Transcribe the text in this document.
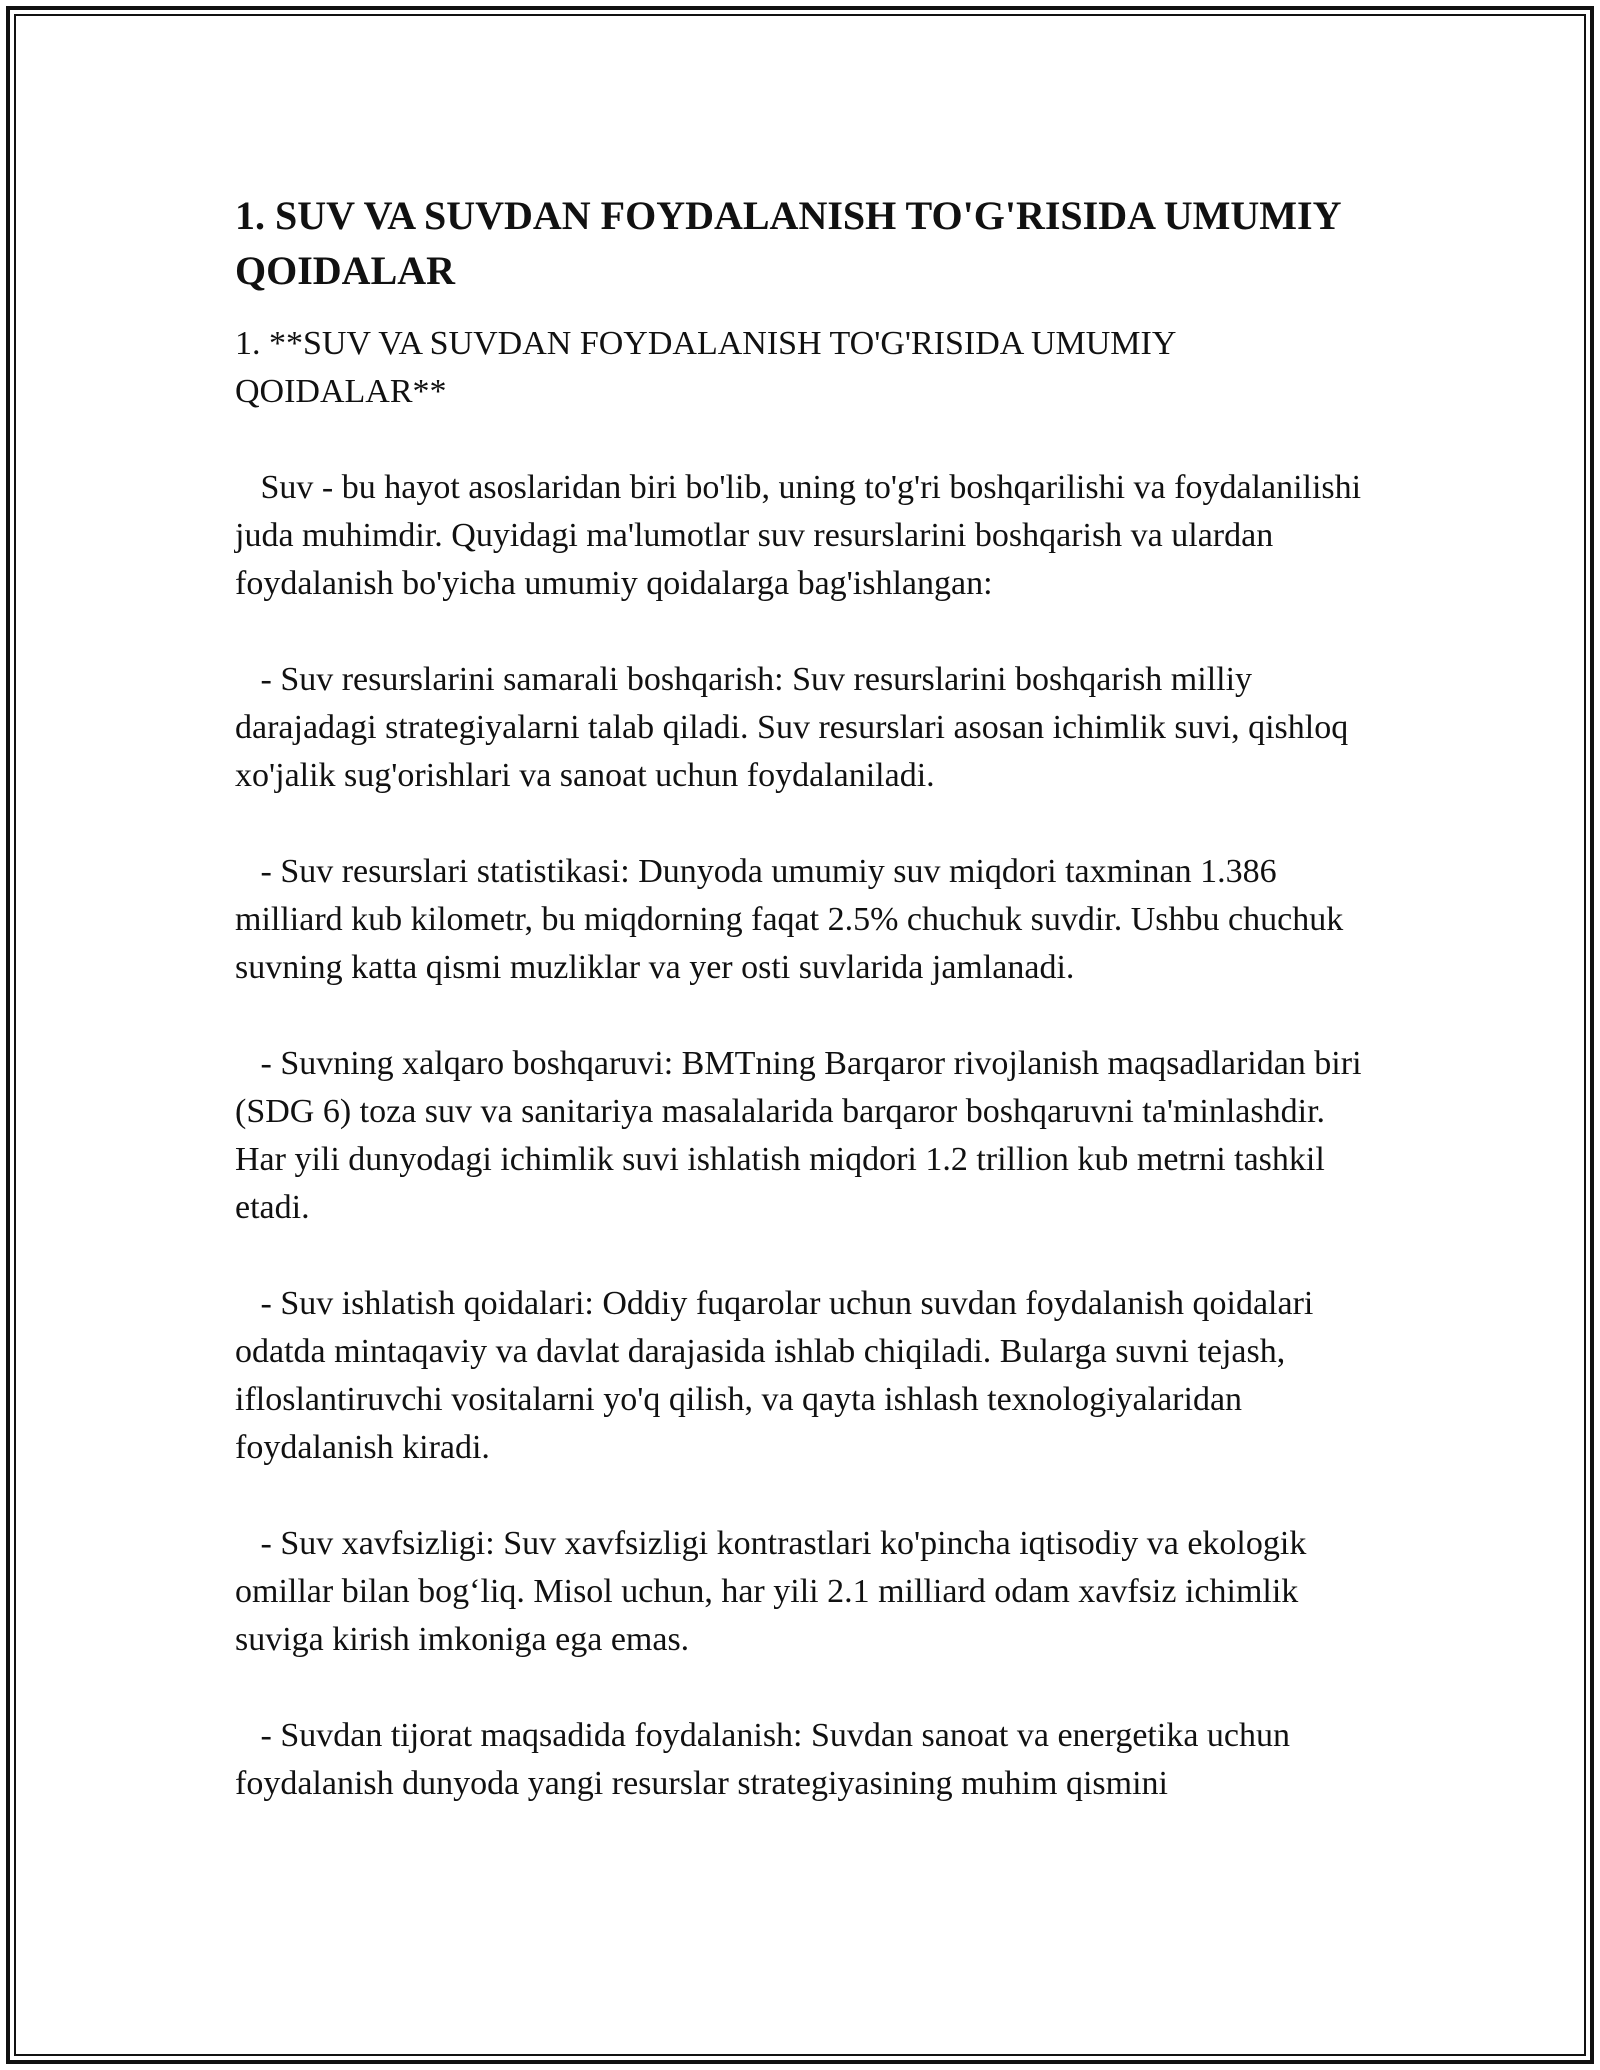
1. SUV VA SUVDAN FOYDALANISH TO'G'RISIDA UMUMIY QOIDALAR

1. **SUV VA SUVDAN FOYDALANISH TO'G'RISIDA UMUMIY QOIDALAR**

Suv - bu hayot asoslaridan biri bo'lib, uning to'g'ri boshqarilishi va foydalanilishi juda muhimdir. Quyidagi ma'lumotlar suv resurslarini boshqarish va ulardan foydalanish bo'yicha umumiy qoidalarga bag'ishlangan:

- Suv resurslarini samarali boshqarish: Suv resurslarini boshqarish milliy darajadagi strategiyalarni talab qiladi. Suv resurslari asosan ichimlik suvi, qishloq xo'jalik sug'orishlari va sanoat uchun foydalaniladi.

- Suv resurslari statistikasi: Dunyoda umumiy suv miqdori taxminan 1.386 milliard kub kilometr, bu miqdorning faqat 2.5% chuchuk suvdir. Ushbu chuchuk suvning katta qismi muzliklar va yer osti suvlarida jamlanadi.

- Suvning xalqaro boshqaruvi: BMTning Barqaror rivojlanish maqsadlaridan biri (SDG 6) toza suv va sanitariya masalalarida barqaror boshqaruvni ta'minlashdir. Har yili dunyodagi ichimlik suvi ishlatish miqdori 1.2 trillion kub metrni tashkil etadi.

- Suv ishlatish qoidalari: Oddiy fuqarolar uchun suvdan foydalanish qoidalari odatda mintaqaviy va davlat darajasida ishlab chiqiladi. Bularga suvni tejash, ifloslantiruvchi vositalarni yo'q qilish, va qayta ishlash texnologiyalaridan foydalanish kiradi.

- Suv xavfsizligi: Suv xavfsizligi kontrastlari ko'pincha iqtisodiy va ekologik omillar bilan bog‘liq. Misol uchun, har yili 2.1 milliard odam xavfsiz ichimlik suviga kirish imkoniga ega emas.

- Suvdan tijorat maqsadida foydalanish: Suvdan sanoat va energetika uchun foydalanish dunyoda yangi resurslar strategiyasining muhim qismini
